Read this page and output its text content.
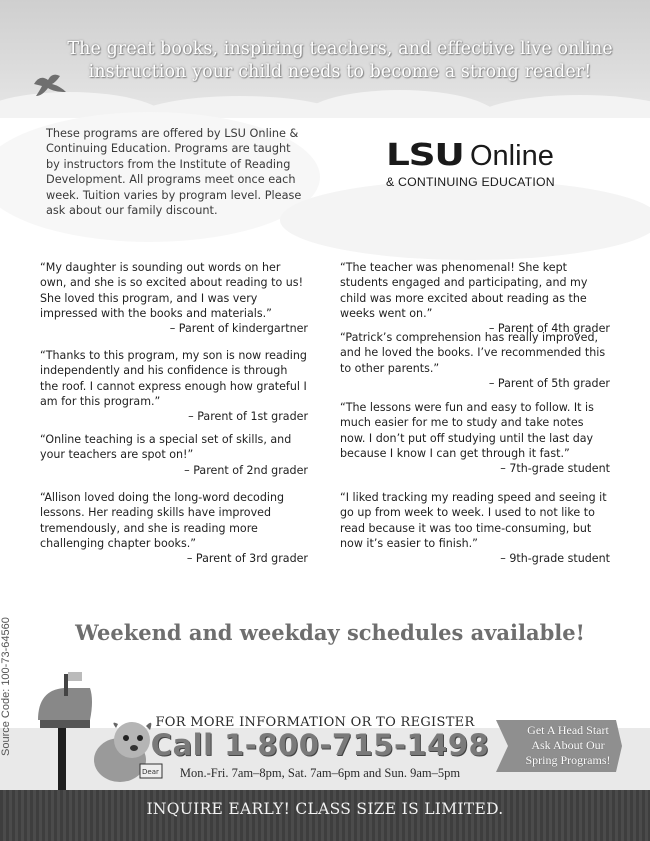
The great books, inspiring teachers, and effective live online
instruction your child needs to become a strong reader!
These programs are offered by LSU Online & Continuing Education. Programs are taught by instructors from the Institute of Reading Development. All programs meet once each week. Tuition varies by program level. Please ask about our family discount.
LSU Online
& CONTINUING EDUCATION

“My daughter is sounding out words on her own, and she is so excited about reading to us! She loved this program, and I was very impressed with the books and materials.”

– Parent of kindergartner

“Thanks to this program, my son is now reading independently and his confidence is through the roof. I cannot express enough how grateful I am for this program.”

– Parent of 1st grader

“Online teaching is a special set of skills, and your teachers are spot on!”

– Parent of 2nd grader

“Allison loved doing the long-word decoding lessons. Her reading skills have improved tremendously, and she is reading more challenging chapter books.”

– Parent of 3rd grader

“The teacher was phenomenal! She kept students engaged and participating, and my child was more excited about reading as the weeks went on.”

– Parent of 4th grader

“Patrick’s comprehension has really improved, and he loved the books. I’ve recommended this to other parents.”

– Parent of 5th grader

“The lessons were fun and easy to follow. It is much easier for me to study and take notes now. I don’t put off studying until the last day because I know I can get through it fast.”

– 7th-grade student

“I liked tracking my reading speed and seeing it go up from week to week. I used to not like to read because it was too time-consuming, but now it’s easier to finish.”

– 9th-grade student

Weekend and weekday schedules available!
Source Code: 100-73-64560
Dear
FOR MORE INFORMATION OR TO REGISTER
Call 1-800-715-1498
Mon.-Fri. 7am–8pm, Sat. 7am–6pm and Sun. 9am–5pm
Get A Head Start
Ask About Our
Spring Programs!
INQUIRE EARLY! CLASS SIZE IS LIMITED.
